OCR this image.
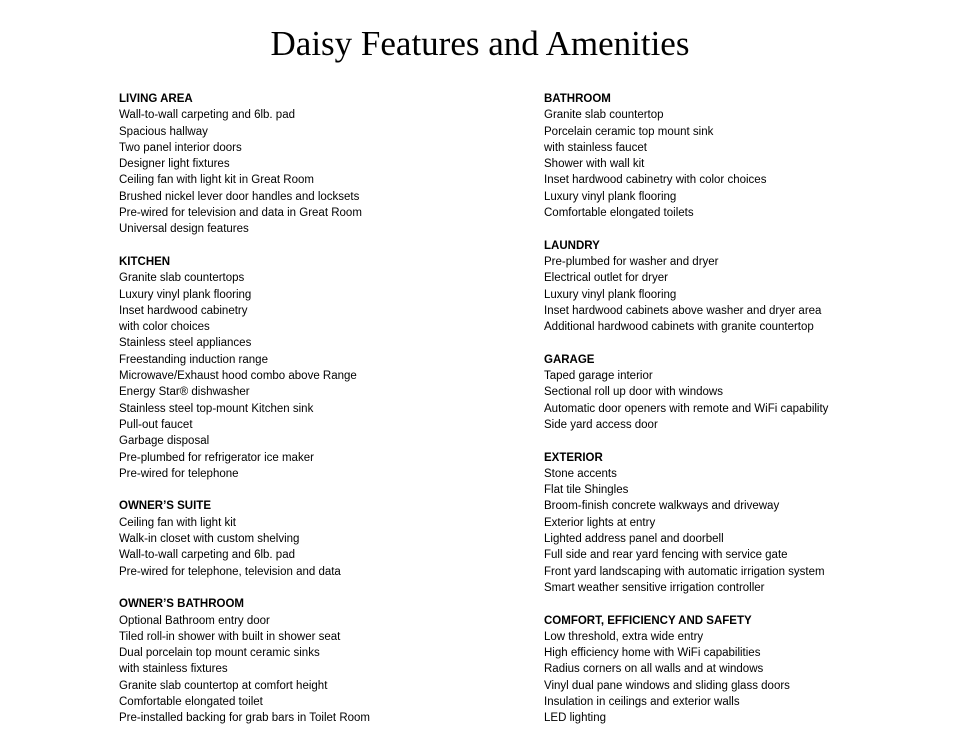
Daisy Features and Amenities
LIVING AREA
Wall-to-wall carpeting and 6lb. pad
Spacious hallway
Two panel interior doors
Designer light fixtures
Ceiling fan with light kit in Great Room
Brushed nickel lever door handles and locksets
Pre-wired for television and data in Great Room
Universal design features
KITCHEN
Granite slab countertops
Luxury vinyl plank flooring
Inset hardwood cabinetry
with color choices
Stainless steel appliances
Freestanding induction range
Microwave/Exhaust hood combo above Range
Energy Star® dishwasher
Stainless steel top-mount Kitchen sink
Pull-out faucet
Garbage disposal
Pre-plumbed for refrigerator ice maker
Pre-wired for telephone
OWNER’S SUITE
Ceiling fan with light kit
Walk-in closet with custom shelving
Wall-to-wall carpeting and 6lb. pad
Pre-wired for telephone, television and data
OWNER’S BATHROOM
Optional Bathroom entry door
Tiled roll-in shower with built in shower seat
Dual porcelain top mount ceramic sinks
with stainless fixtures
Granite slab countertop at comfort height
Comfortable elongated toilet
Pre-installed backing for grab bars in Toilet Room
BATHROOM
Granite slab countertop
Porcelain ceramic top mount sink
with stainless faucet
Shower with wall kit
Inset hardwood cabinetry with color choices
Luxury vinyl plank flooring
Comfortable elongated toilets
LAUNDRY
Pre-plumbed for washer and dryer
Electrical outlet for dryer
Luxury vinyl plank flooring
Inset hardwood cabinets above washer and dryer area
Additional hardwood cabinets with granite countertop
GARAGE
Taped garage interior
Sectional roll up door with windows
Automatic door openers with remote and WiFi capability
Side yard access door
EXTERIOR
Stone accents
Flat tile Shingles
Broom-finish concrete walkways and driveway
Exterior lights at entry
Lighted address panel and doorbell
Full side and rear yard fencing with service gate
Front yard landscaping with automatic irrigation system
Smart weather sensitive irrigation controller
COMFORT, EFFICIENCY AND SAFETY
Low threshold, extra wide entry
High efficiency home with WiFi capabilities
Radius corners on all walls and at windows
Vinyl dual pane windows and sliding glass doors
Insulation in ceilings and exterior walls
LED lighting
